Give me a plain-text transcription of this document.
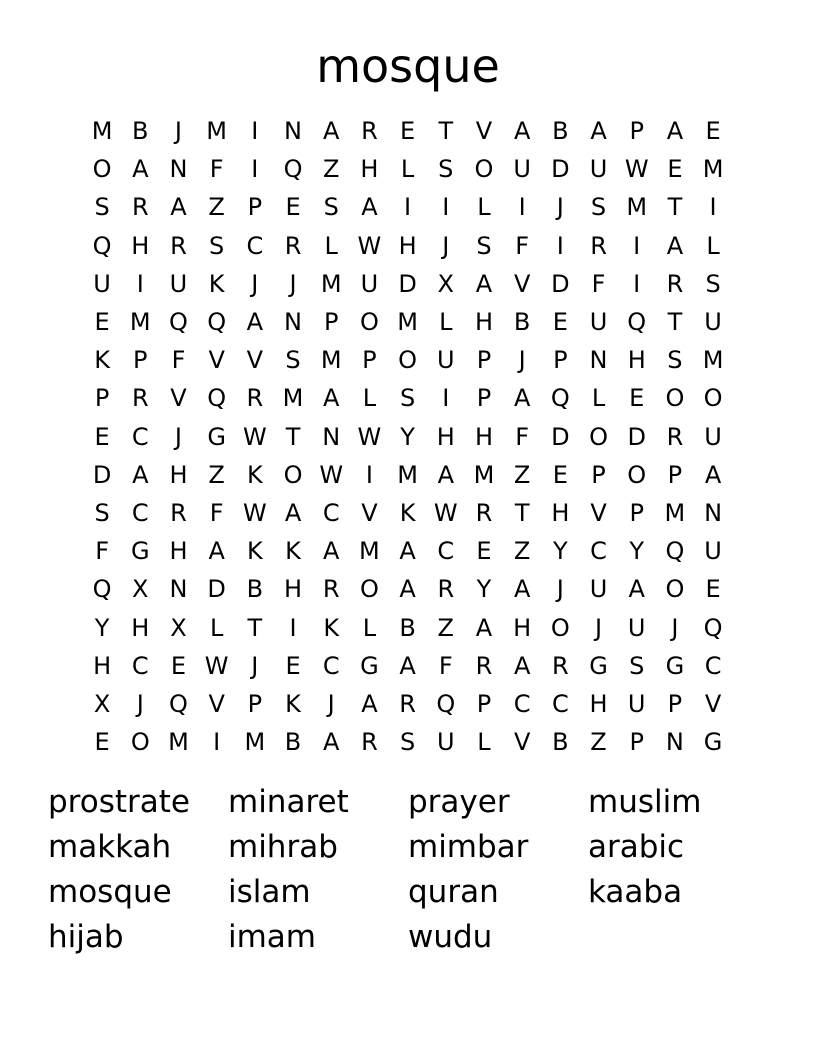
mosque
M B	J	M	I	N A R E T V A B A P A E
O A N F	I	Q Z H L S O U D U W E M
S R A Z P E S A	I	I	L	I	J	S M T	I
Q H R S C R L W H	J	S F	I	R	I	A L
U	I	U K	J	J	M U D X A V D F	I	R S
E M Q Q A N P O M L H B E U Q T U
K P	F V V S M P O U P	J	P N H S M
P R V Q R M A L S	I	P A Q L E O O
E C	J	G W T N W Y H H F D O D R U
D A H Z K O W I	M A M Z E P O P A
S C R F W A C V K W R T H V P M N
F G H A K K A M A C E Z Y C Y Q U
Q X N D B H R O A R Y A	J	U A O E
Y H X L	T	I	K L B Z A H O	J	U	J	Q
H C E W J	E C G A F R A R G S G C
X	J	Q V P K	J	A R Q P C C H U P V
E O M	I	M B A R S U L V B Z P N G
prostrate	minaret	prayer	muslim
makkah	mihrab	mimbar	arabic
mosque	islam	quran	kaaba
hijab	imam	wudu
